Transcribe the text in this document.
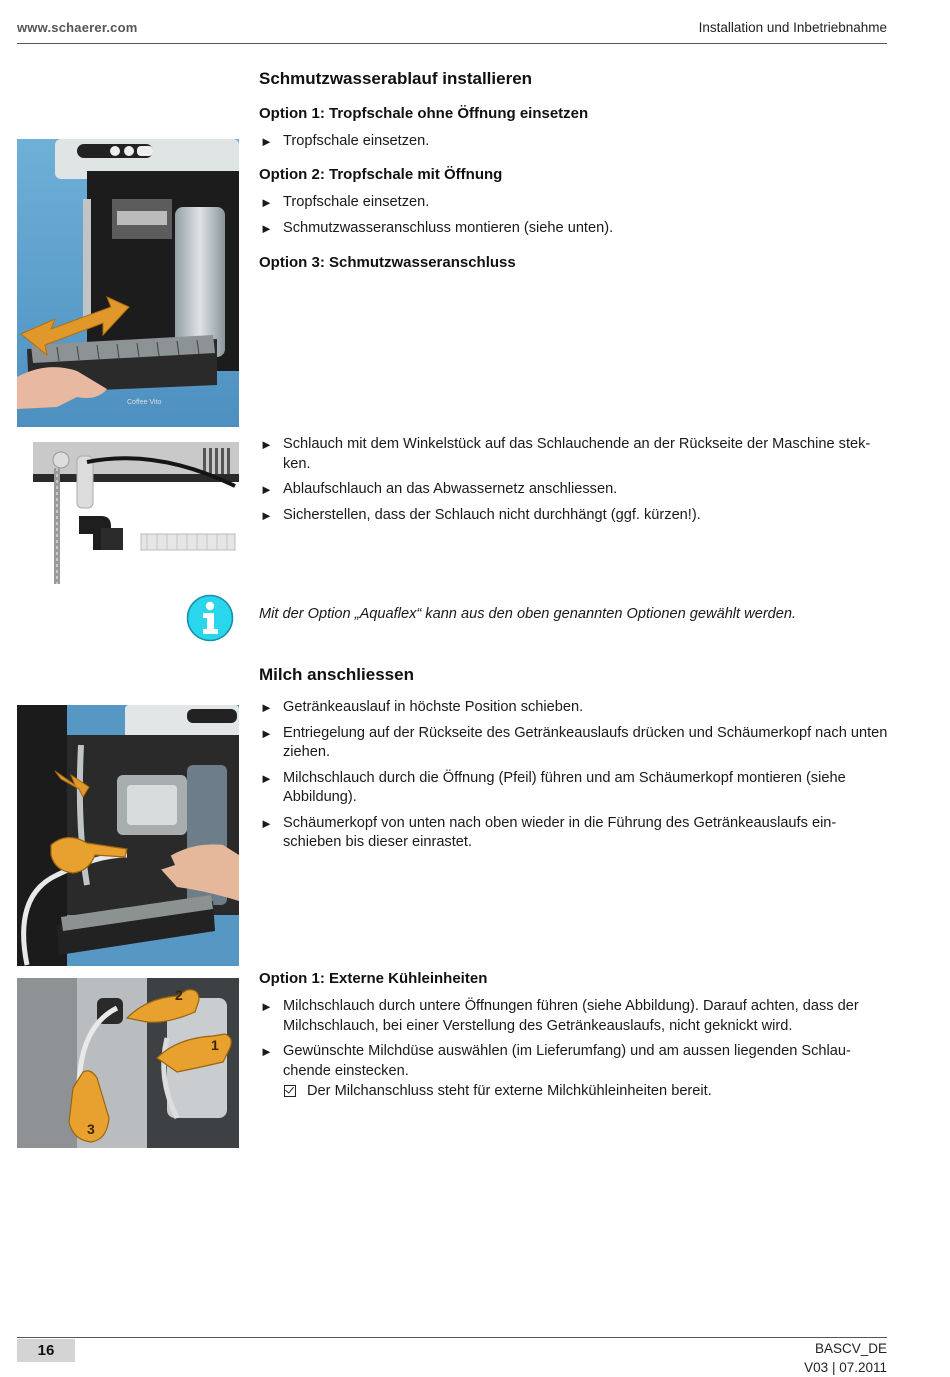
www.schaerer.com	Installation und Inbetriebnahme
Schmutzwasserablauf installieren
Option 1: Tropfschale ohne Öffnung einsetzen
► Tropfschale einsetzen.
Option 2: Tropfschale mit Öffnung
► Tropfschale einsetzen.
► Schmutzwasseranschluss montieren (siehe unten).
Option 3: Schmutzwasseranschluss
Coffee Vito
► Schlauch mit dem Winkelstück auf das Schlauchende an der Rückseite der Maschine stek-ken.
► Ablaufschlauch an das Abwassernetz anschliessen.
► Sicherstellen, dass der Schlauch nicht durchhängt (ggf. kürzen!).
Mit der Option „Aquaflex“ kann aus den oben genannten Optionen gewählt werden.
Milch anschliessen
► Getränkeauslauf in höchste Position schieben.
► Entriegelung auf der Rückseite des Getränkeauslaufs drücken und Schäumerkopf nach unten ziehen.
► Milchschlauch durch die Öffnung (Pfeil) führen und am Schäumerkopf montieren (siehe Abbildung).
► Schäumerkopf von unten nach oben wieder in die Führung des Getränkeauslaufs ein-schieben bis dieser einrastet.
Option 1: Externe Kühleinheiten
► Milchschlauch durch untere Öffnungen führen (siehe Abbildung). Darauf achten, dass der Milchschlauch, bei einer Verstellung des Getränkeauslaufs, nicht geknickt wird.
► Gewünschte Milchdüse auswählen (im Lieferumfang) und am aussen liegenden Schlau-chende einstecken.
Der Milchanschluss steht für externe Milchkühleinheiten bereit.
2
1
3
16	BASCV_DE
V03 | 07.2011
